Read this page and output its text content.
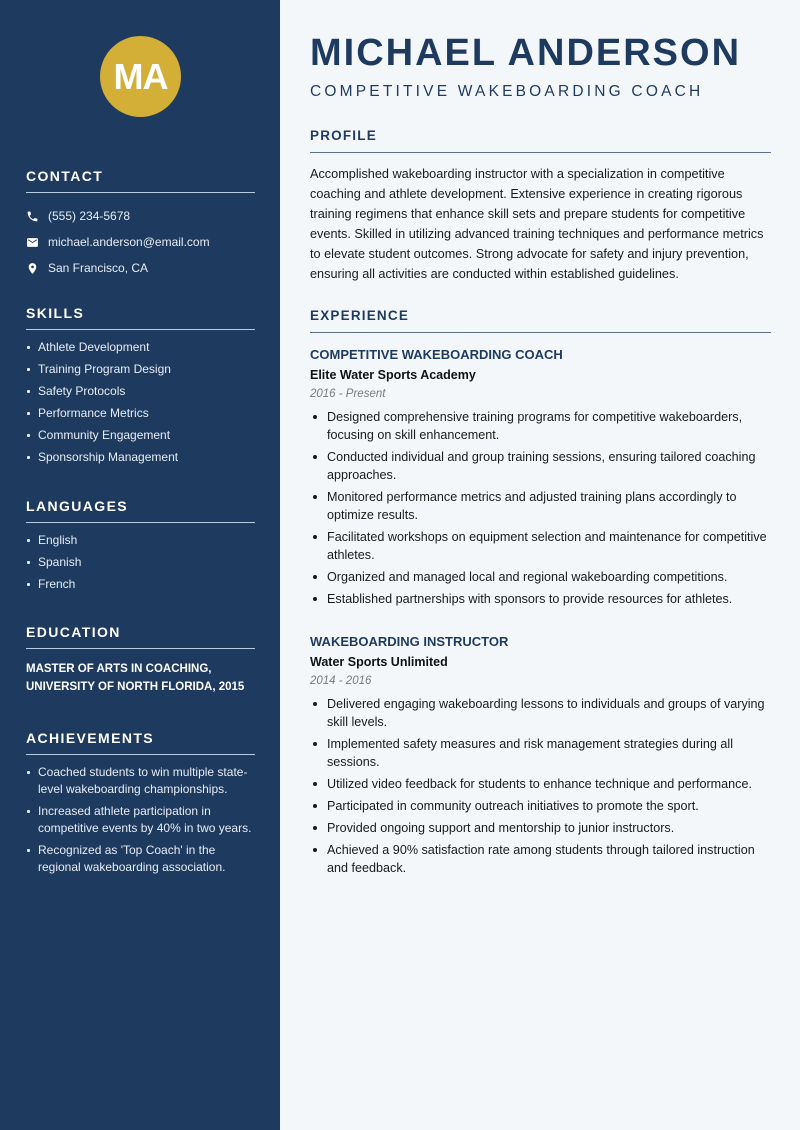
MA
CONTACT
(555) 234-5678
michael.anderson@email.com
San Francisco, CA
SKILLS
Athlete Development
Training Program Design
Safety Protocols
Performance Metrics
Community Engagement
Sponsorship Management
LANGUAGES
English
Spanish
French
EDUCATION
MASTER OF ARTS IN COACHING, UNIVERSITY OF NORTH FLORIDA, 2015
ACHIEVEMENTS
Coached students to win multiple state-level wakeboarding championships.
Increased athlete participation in competitive events by 40% in two years.
Recognized as 'Top Coach' in the regional wakeboarding association.
MICHAEL ANDERSON
COMPETITIVE WAKEBOARDING COACH
PROFILE

Accomplished wakeboarding instructor with a specialization in competitive coaching and athlete development. Extensive experience in creating rigorous training regimens that enhance skill sets and prepare students for competitive events. Skilled in utilizing advanced training techniques and performance metrics to elevate student outcomes. Strong advocate for safety and injury prevention, ensuring all activities are conducted within established guidelines.

EXPERIENCE
COMPETITIVE WAKEBOARDING COACH
Elite Water Sports Academy
2016 - Present
Designed comprehensive training programs for competitive wakeboarders, focusing on skill enhancement.
Conducted individual and group training sessions, ensuring tailored coaching approaches.
Monitored performance metrics and adjusted training plans accordingly to optimize results.
Facilitated workshops on equipment selection and maintenance for competitive athletes.
Organized and managed local and regional wakeboarding competitions.
Established partnerships with sponsors to provide resources for athletes.
WAKEBOARDING INSTRUCTOR
Water Sports Unlimited
2014 - 2016
Delivered engaging wakeboarding lessons to individuals and groups of varying skill levels.
Implemented safety measures and risk management strategies during all sessions.
Utilized video feedback for students to enhance technique and performance.
Participated in community outreach initiatives to promote the sport.
Provided ongoing support and mentorship to junior instructors.
Achieved a 90% satisfaction rate among students through tailored instruction and feedback.
